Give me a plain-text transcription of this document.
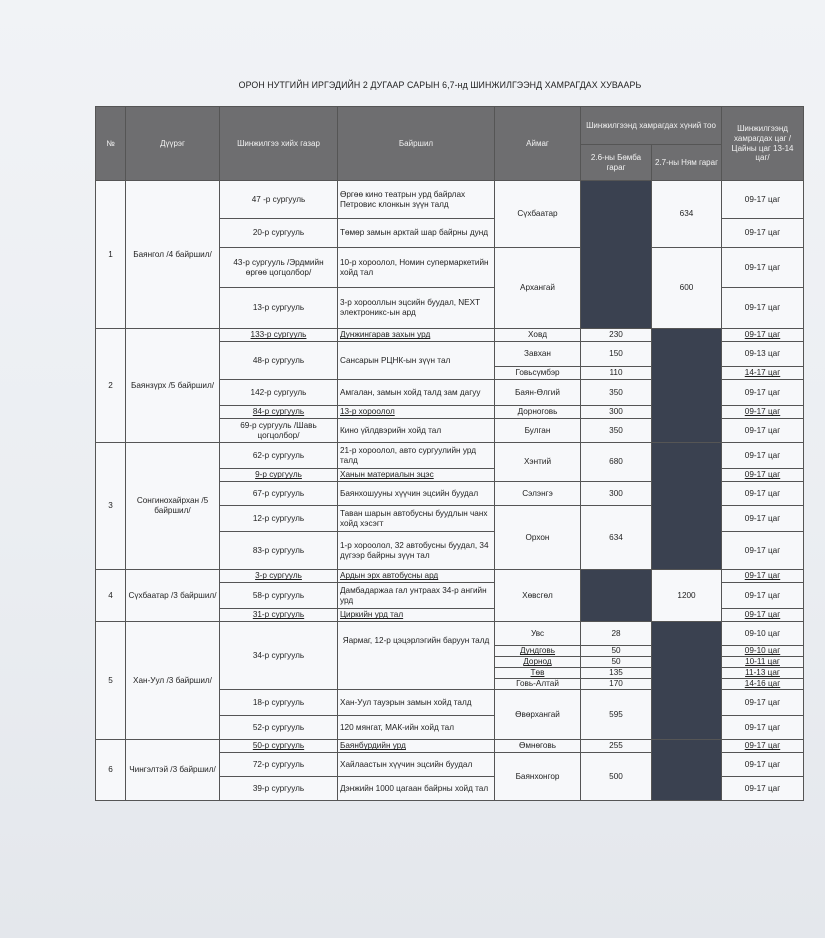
ОРОН НУТГИЙН ИРГЭДИЙН 2 ДУГААР САРЫН 6,7-нд ШИНЖИЛГЭЭНД ХАМРАГДАХ ХУВААРЬ
№	Дүүрэг	Шинжилгээ хийх газар	Байршил	Аймаг	Шинжилгээнд хамрагдах хүний тоо		Шинжилгээнд хамрагдах цаг /Цайны цаг 13-14 цаг/
					2.6-ны Бөмба гараг	2.7-ны Ням гараг	
1	Баянгол /4 байршил/	47 -р сургууль	Өргөө кино театрын урд байрлах Петровис клонкын зүүн талд	Сүхбаатар		634	09-17 цаг
		20-р сургууль	Төмөр замын арктай шар байрны дунд				09-17 цаг
		43-р сургууль /Эрдмийн өргөө цогцолбор/	10-р хороолол, Номин супермаркетийн хойд тал	Архангай		600	09-17 цаг
		13-р сургууль	3-р хорооллын эцсийн буудал, NEXT электроникс-ын ард				09-17 цаг
2	Баянзүрх /5 байршил/	133-р сургууль	Дунжингарав захын урд	Ховд	230		09-17 цаг
		48-р сургууль	Сансарын РЦНК-ын зүүн тал	Завхан	150		09-13 цаг
				Говьсүмбэр	110		14-17 цаг
		142-р сургууль	Амгалан, замын хойд талд зам дагуу	Баян-Өлгий	350		09-17 цаг
		84-р сургууль	13-р хороолол	Дорноговь	300		09-17 цаг
		69-р сургууль /Шавь цогцолбор/	Кино үйлдвэрийн хойд тал	Булган	350		09-17 цаг
3	Сонгинохайрхан /5 байршил/	62-р сургууль	21-р хороолол, авто сургуулийн урд талд	Хэнтий	680		09-17 цаг
		9-р сургууль	Ханын материалын эцэс				09-17 цаг
		67-р сургууль	Баянхошууны хүүчин эцсийн буудал	Сэлэнгэ	300		09-17 цаг
		12-р сургууль	Таван шарын автобусны буудлын чанх хойд хэсэгт	Орхон	634		09-17 цаг
		83-р сургууль	1-р хороолол, 32 автобусны буудал, 34 дүгээр байрны зүүн тал				09-17 цаг
4	Сүхбаатар /3 байршил/	3-р сургууль	Ардын эрх автобусны ард	Хөвсгөл		1200	09-17 цаг
		58-р сургууль	Дамбадаржаа гал унтраах 34-р ангийн урд				09-17 цаг
		31-р сургууль	Циркийн урд тал				09-17 цаг
5	Хан-Уул /3 байршил/	34-р сургууль	Яармаг, 12-р цэцэрлэгийн баруун талд	Увс	28		09-10 цаг
				Дундговь	50		09-10 цаг
				Дорнод	50		10-11 цаг
				Төв	135		11-13 цаг
				Говь-Алтай	170		14-16 цаг
		18-р сургууль	Хан-Уул тауэрын замын хойд талд	Өвөрхангай	595		09-17 цаг
		52-р сургууль	120 мянгат, МАК-ийн хойд тал				09-17 цаг
6	Чингэлтэй /3 байршил/	50-р сургууль	Баянбүрдийн урд	Өмнөговь	255		09-17 цаг
		72-р сургууль	Хайлаастын хүүчин эцсийн буудал	Баянхонгор	500		09-17 цаг
		39-р сургууль	Дэнжийн 1000 цагаан байрны хойд тал				09-17 цаг
